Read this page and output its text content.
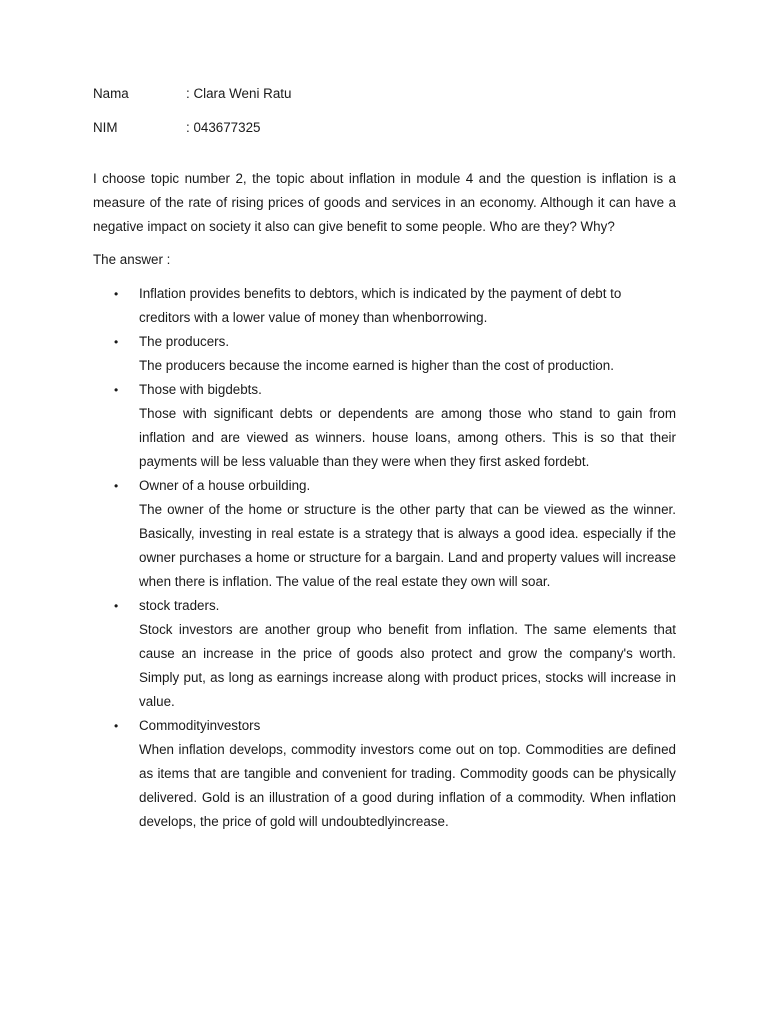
Nama	: Clara Weni Ratu
NIM	: 043677325

I choose topic number 2, the topic about inflation in module 4 and the question is inflation is a measure of the rate of rising prices of goods and services in an economy. Although it can have a negative impact on society it also can give benefit to some people. Who are they? Why?

The answer :

• Inflation provides benefits to debtors, which is indicated by the payment of debt to creditors with a lower value of money than whenborrowing.
• The producers.
The producers because the income earned is higher than the cost of production.
• Those with bigdebts.
Those with significant debts or dependents are among those who stand to gain from inflation and are viewed as winners. house loans, among others. This is so that their payments will be less valuable than they were when they first asked fordebt.
• Owner of a house orbuilding.
The owner of the home or structure is the other party that can be viewed as the winner. Basically, investing in real estate is a strategy that is always a good idea. especially if the owner purchases a home or structure for a bargain. Land and property values will increase when there is inflation. The value of the real estate they own will soar.
• stock traders.
Stock investors are another group who benefit from inflation. The same elements that cause an increase in the price of goods also protect and grow the company's worth. Simply put, as long as earnings increase along with product prices, stocks will increase in value.
• Commodityinvestors
When inflation develops, commodity investors come out on top. Commodities are defined as items that are tangible and convenient for trading. Commodity goods can be physically delivered. Gold is an illustration of a good during inflation of a commodity. When inflation develops, the price of gold will undoubtedlyincrease.
